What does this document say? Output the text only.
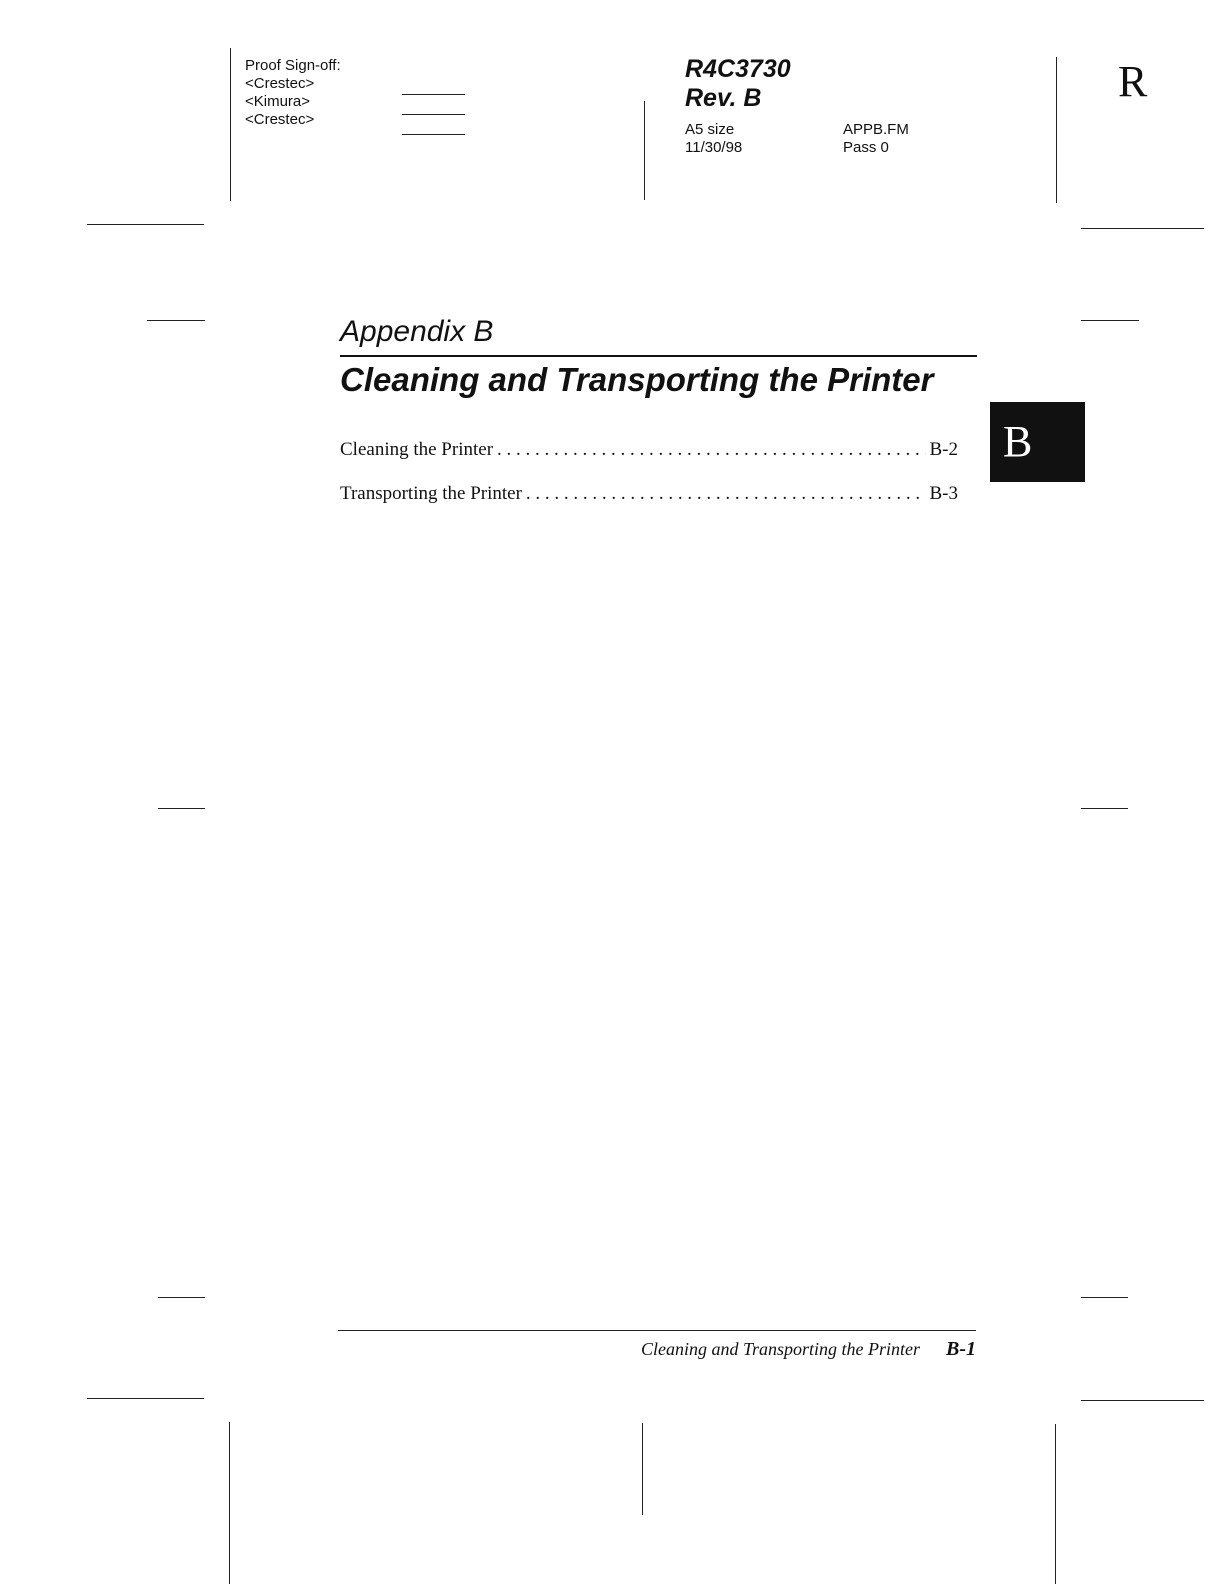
Proof Sign-off:
<Crestec>
<Kimura>
<Crestec>
R4C3730
Rev. B
A5 size	APPB.FM
11/30/98	Pass 0
R
Appendix B
Cleaning and Transporting the Printer
Cleaning the Printer . . .	B-2
Transporting the Printer . . .	B-3
B
Cleaning and Transporting the Printer B-1
